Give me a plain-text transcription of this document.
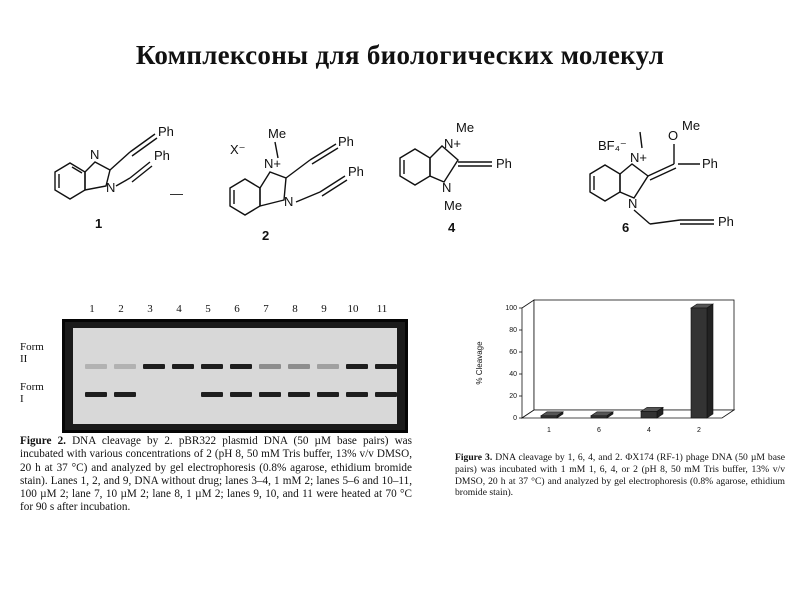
Комплексоны для биологических молекул
N
N
Ph
Ph
1
—
X⁻
N+
Me
Ph
N
Ph
2
N+
Me
N
Me
Ph
4
BF₄⁻
N+
O
Me
Ph
N
Ph
6
1	2	3	4	5	6	7	8	9	10	11
Form
II
Form
I
Figure 2. DNA cleavage by 2. pBR322 plasmid DNA (50 µM base pairs) was incubated with various concentrations of 2 (pH 8, 50 mM Tris buffer, 13% v/v DMSO, 20 h at 37 °C) and analyzed by gel electrophoresis (0.8% agarose, ethidium bromide stain). Lanes 1, 2, and 9, DNA without drug; lanes 3–4, 1 mM 2; lanes 5–6 and 10–11, 100 µM 2; lane 7, 10 µM 2; lane 8, 1 µM 2; lanes 9, 10, and 11 were heated at 70 °C for 90 s after incubation.
0
20
40
60
80
100
% Cleavage
1	6	4	2
Figure 3. DNA cleavage by 1, 6, 4, and 2. ΦX174 (RF-1) phage DNA (50 µM base pairs) was incubated with 1 mM 1, 6, 4, or 2 (pH 8, 50 mM Tris buffer, 13% v/v DMSO, 20 h at 37 °C) and analyzed by gel electrophoresis (0.8% agarose, ethidium bromide stain).
